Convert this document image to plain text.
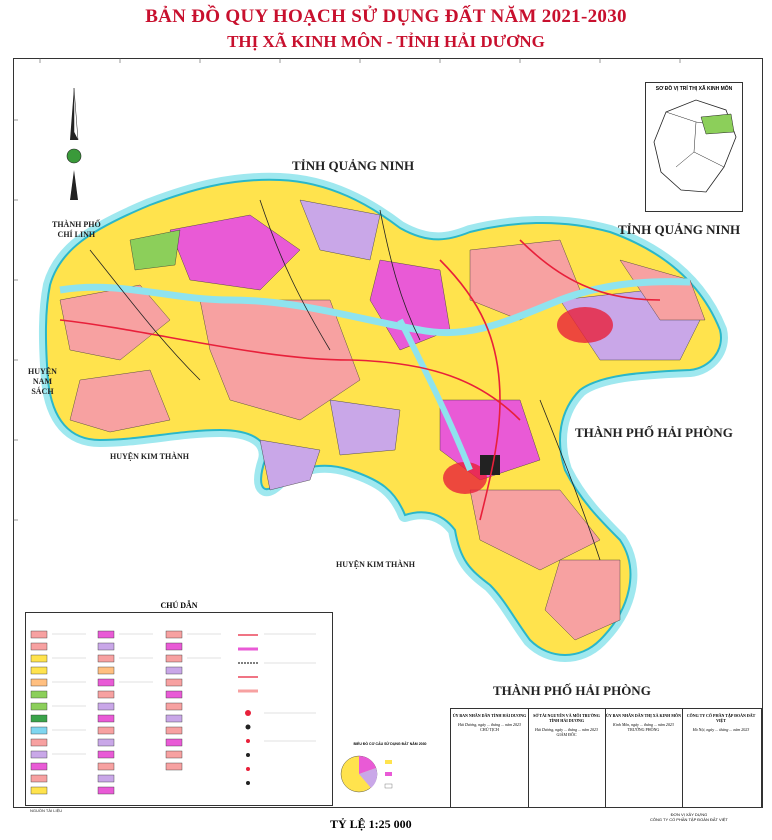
BẢN ĐỒ QUY HOẠCH SỬ DỤNG ĐẤT NĂM 2021-2030
THỊ XÃ KINH MÔN - TỈNH HẢI DƯƠNG
TỈNH QUẢNG NINH
TỈNH QUẢNG NINH
THÀNH PHỐ
CHÍ LINH
HUYỆN
NAM
SÁCH
HUYỆN KIM THÀNH
HUYỆN KIM THÀNH
THÀNH PHỐ HẢI PHÒNG
THÀNH PHỐ HẢI PHÒNG
SƠ ĐỒ VỊ TRÍ THỊ XÃ KINH MÔN
CHÚ DẪN
BIỂU ĐỒ CƠ CẤU SỬ DỤNG ĐẤT NĂM 2030
ỦY BAN NHÂN DÂN TỈNH HẢI DƯƠNG
Hải Dương, ngày ... tháng ... năm 2023
CHỦ TỊCH
SỞ TÀI NGUYÊN VÀ MÔI TRƯỜNG TỈNH HẢI DƯƠNG
Hải Dương, ngày ... tháng ... năm 2023
GIÁM ĐỐC
ỦY BAN NHÂN DÂN THỊ XÃ KINH MÔN
Kinh Môn, ngày ... tháng ... năm 2023
TRƯỞNG PHÒNG
CÔNG TY CỔ PHẦN TẬP ĐOÀN ĐẤT VIỆT
Hà Nội, ngày ... tháng ... năm 2023
NGUỒN TÀI LIỆU
TỶ LỆ 1:25 000
ĐƠN VỊ XÂY DỰNG
CÔNG TY CỔ PHẦN TẬP ĐOÀN ĐẤT VIỆT
